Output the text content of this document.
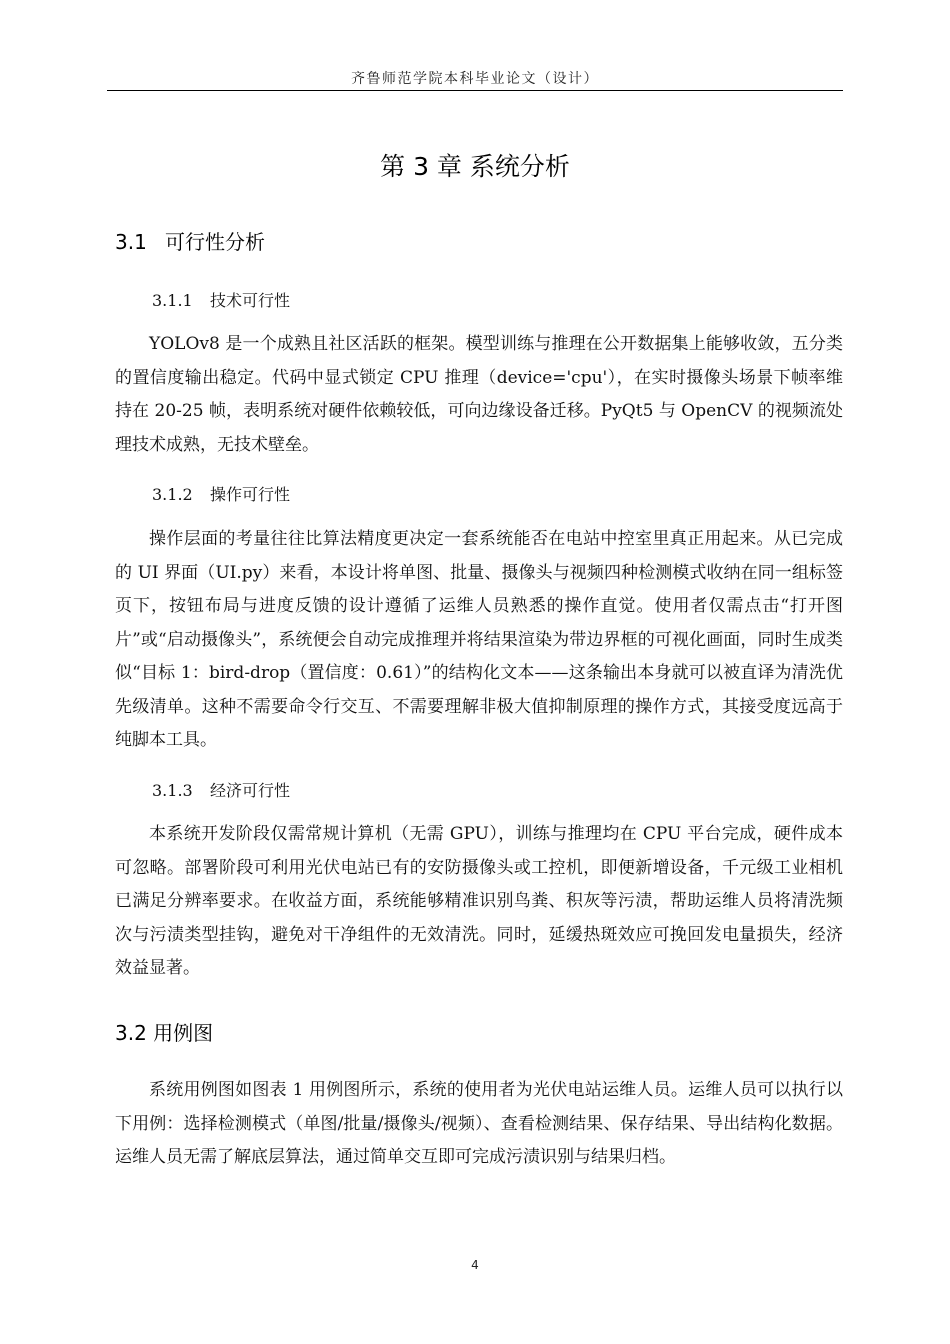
齐鲁师范学院本科毕业论文（设计）
第 3 章 系统分析
3.1 可行性分析
3.1.1 技术可行性

YOLOv8 是一个成熟且社区活跃的框架。模型训练与推理在公开数据集上能够收敛，五分类的置信度输出稳定。代码中显式锁定 CPU 推理（device='cpu'），在实时摄像头场景下帧率维持在 20-25 帧，表明系统对硬件依赖较低，可向边缘设备迁移。PyQt5 与 OpenCV 的视频流处理技术成熟，无技术壁垒。

3.1.2 操作可行性

操作层面的考量往往比算法精度更决定一套系统能否在电站中控室里真正用起来。从已完成的 UI 界面（UI.py）来看，本设计将单图、批量、摄像头与视频四种检测模式收纳在同一组标签页下，按钮布局与进度反馈的设计遵循了运维人员熟悉的操作直觉。使用者仅需点击“打开图片”或“启动摄像头”，系统便会自动完成推理并将结果渲染为带边界框的可视化画面，同时生成类似“目标 1：bird-drop（置信度：0.61）”的结构化文本——这条输出本身就可以被直译为清洗优先级清单。这种不需要命令行交互、不需要理解非极大值抑制原理的操作方式，其接受度远高于纯脚本工具。

3.1.3 经济可行性

本系统开发阶段仅需常规计算机（无需 GPU），训练与推理均在 CPU 平台完成，硬件成本可忽略。部署阶段可利用光伏电站已有的安防摄像头或工控机，即便新增设备，千元级工业相机已满足分辨率要求。在收益方面，系统能够精准识别鸟粪、积灰等污渍，帮助运维人员将清洗频次与污渍类型挂钩，避免对干净组件的无效清洗。同时，延缓热斑效应可挽回发电量损失，经济效益显著。

3.2 用例图

系统用例图如图表 1 用例图所示，系统的使用者为光伏电站运维人员。运维人员可以执行以下用例：选择检测模式（单图/批量/摄像头/视频）、查看检测结果、保存结果、导出结构化数据。运维人员无需了解底层算法，通过简单交互即可完成污渍识别与结果归档。

4
